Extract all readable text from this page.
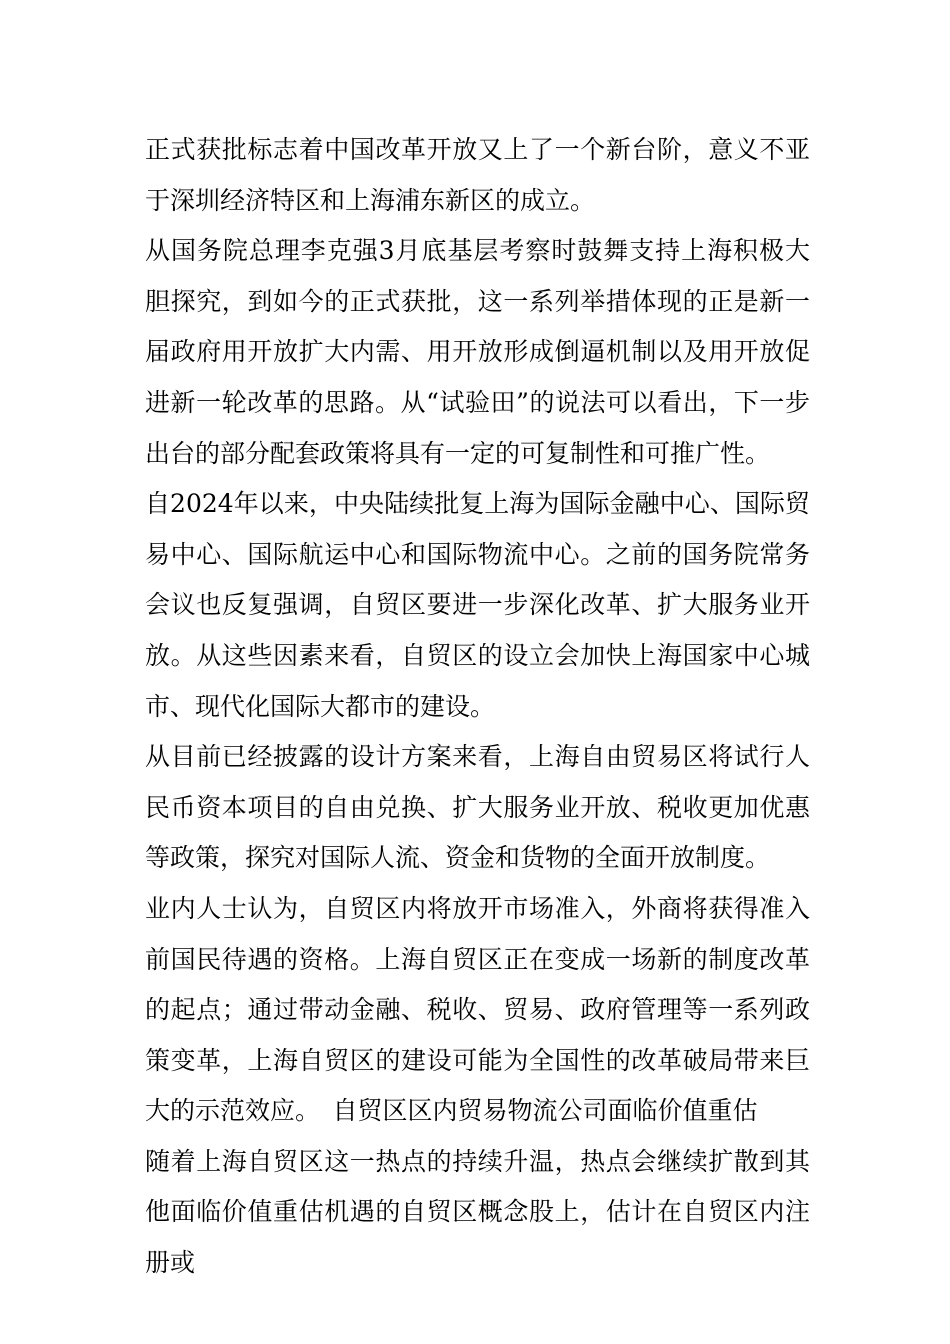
正式获批标志着中国改革开放又上了一个新台阶，意义不亚于深圳经济特区和上海浦东新区的成立。

从国务院总理李克强3月底基层考察时鼓舞支持上海积极大胆探究，到如今的正式获批，这一系列举措体现的正是新一届政府用开放扩大内需、用开放形成倒逼机制以及用开放促进新一轮改革的思路。从“试验田”的说法可以看出，下一步出台的部分配套政策将具有一定的可复制性和可推广性。

自2024年以来，中央陆续批复上海为国际金融中心、国际贸易中心、国际航运中心和国际物流中心。之前的国务院常务会议也反复强调，自贸区要进一步深化改革、扩大服务业开放。从这些因素来看，自贸区的设立会加快上海国家中心城市、现代化国际大都市的建设。

从目前已经披露的设计方案来看，上海自由贸易区将试行人民币资本项目的自由兑换、扩大服务业开放、税收更加优惠等政策，探究对国际人流、资金和货物的全面开放制度。

业内人士认为，自贸区内将放开市场准入，外商将获得准入前国民待遇的资格。上海自贸区正在变成一场新的制度改革的起点；通过带动金融、税收、贸易、政府管理等一系列政策变革，上海自贸区的建设可能为全国性的改革破局带来巨大的示范效应。　自贸区区内贸易物流公司面临价值重估

随着上海自贸区这一热点的持续升温，热点会继续扩散到其他面临价值重估机遇的自贸区概念股上，估计在自贸区内注册或
